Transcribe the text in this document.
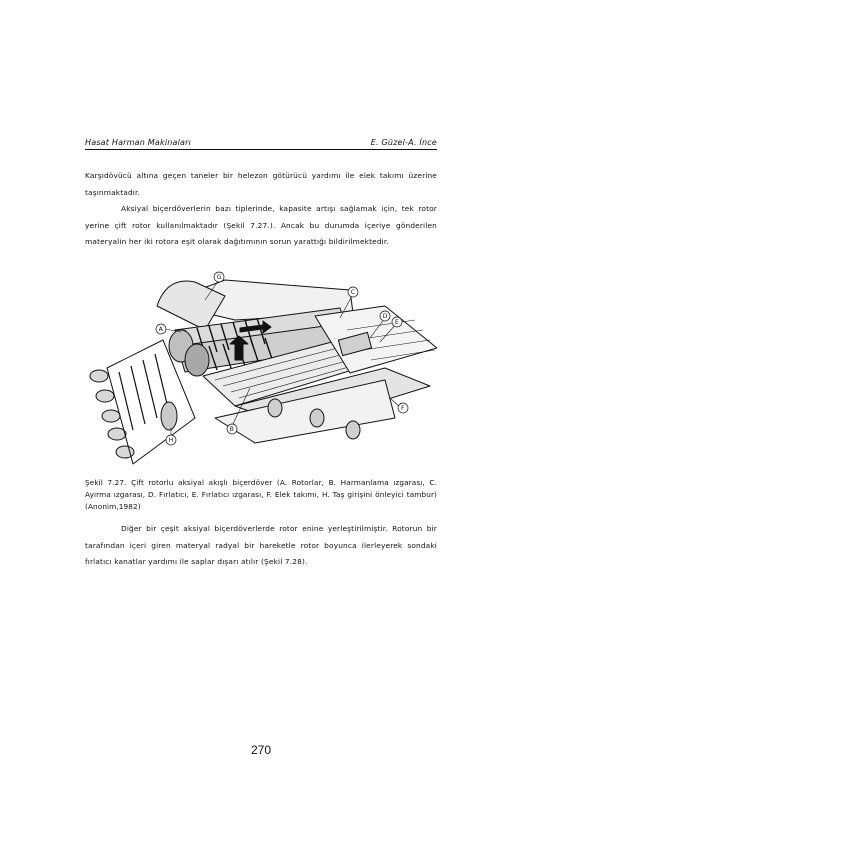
Hasat Harman Makinaları	E. Güzel-A. İnce
Karşıdövücü altına geçen taneler bir helezon götürücü yardımı ile elek takımı üzerine taşınmaktadır.
Aksiyal biçerdöverlerin bazı tiplerinde, kapasite artışı sağlamak için, tek rotor yerine çift rotor kullanılmaktadır (Şekil 7.27.). Ancak bu durumda içeriye gönderilen materyalin her iki rotora eşit olarak dağıtımının sorun yarattığı bildirilmektedir.
A
B
C
D
E
F
G
H
Şekil 7.27. Çift rotorlu aksiyal akışlı biçerdöver (A. Rotorlar, B. Harmanlama ızgarası, C. Ayırma ızgarası, D. Fırlatıcı, E. Fırlatıcı ızgarası, F. Elek takımı, H. Taş girişini önleyici tambur) (Anonim,1982)
Diğer bir çeşit aksiyal biçerdöverlerde rotor enine yerleştirilmiştir. Rotorun bir tarafından içeri giren materyal radyal bir hareketle rotor boyunca ilerleyerek sondaki fırlatıcı kanatlar yardımı ile saplar dışarı atılır (Şekil 7.28).
270
